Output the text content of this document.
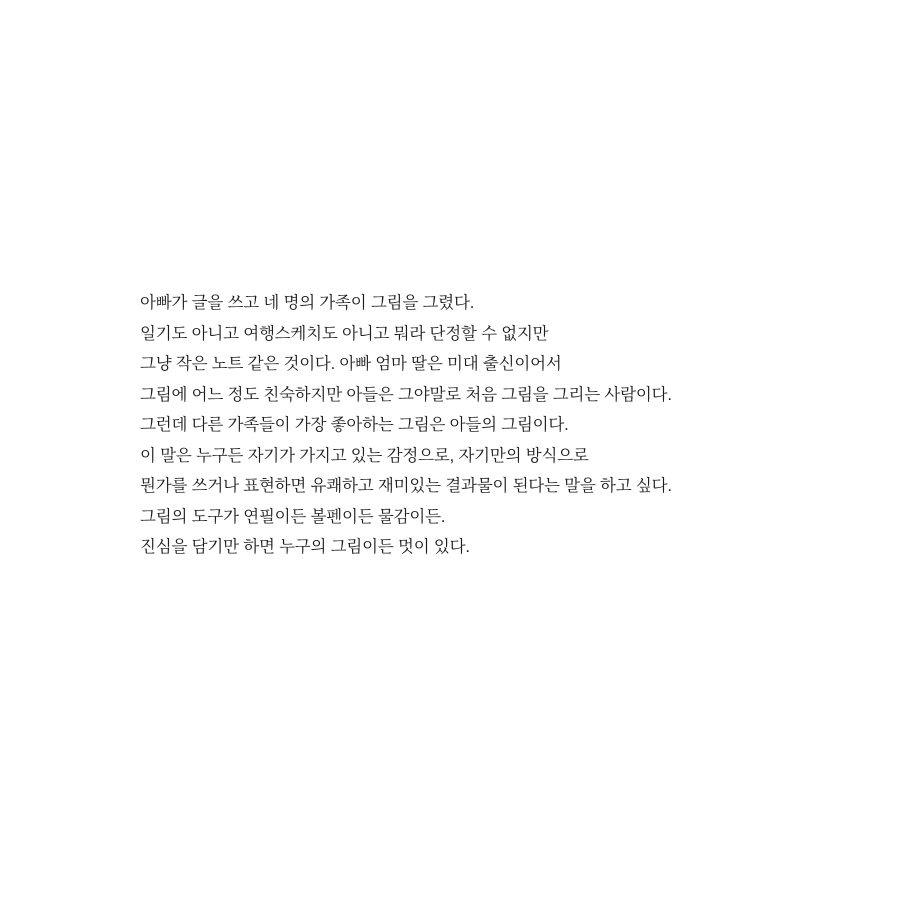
아빠가 글을 쓰고 네 명의 가족이 그림을 그렸다.
일기도 아니고 여행스케치도 아니고 뭐라 단정할 수 없지만
그냥 작은 노트 같은 것이다. 아빠 엄마 딸은 미대 출신이어서
그림에 어느 정도 친숙하지만 아들은 그야말로 처음 그림을 그리는 사람이다.
그런데 다른 가족들이 가장 좋아하는 그림은 아들의 그림이다.
이 말은 누구든 자기가 가지고 있는 감정으로, 자기만의 방식으로
뭔가를 쓰거나 표현하면 유쾌하고 재미있는 결과물이 된다는 말을 하고 싶다.
그림의 도구가 연필이든 볼펜이든 물감이든.
진심을 담기만 하면 누구의 그림이든 멋이 있다.
